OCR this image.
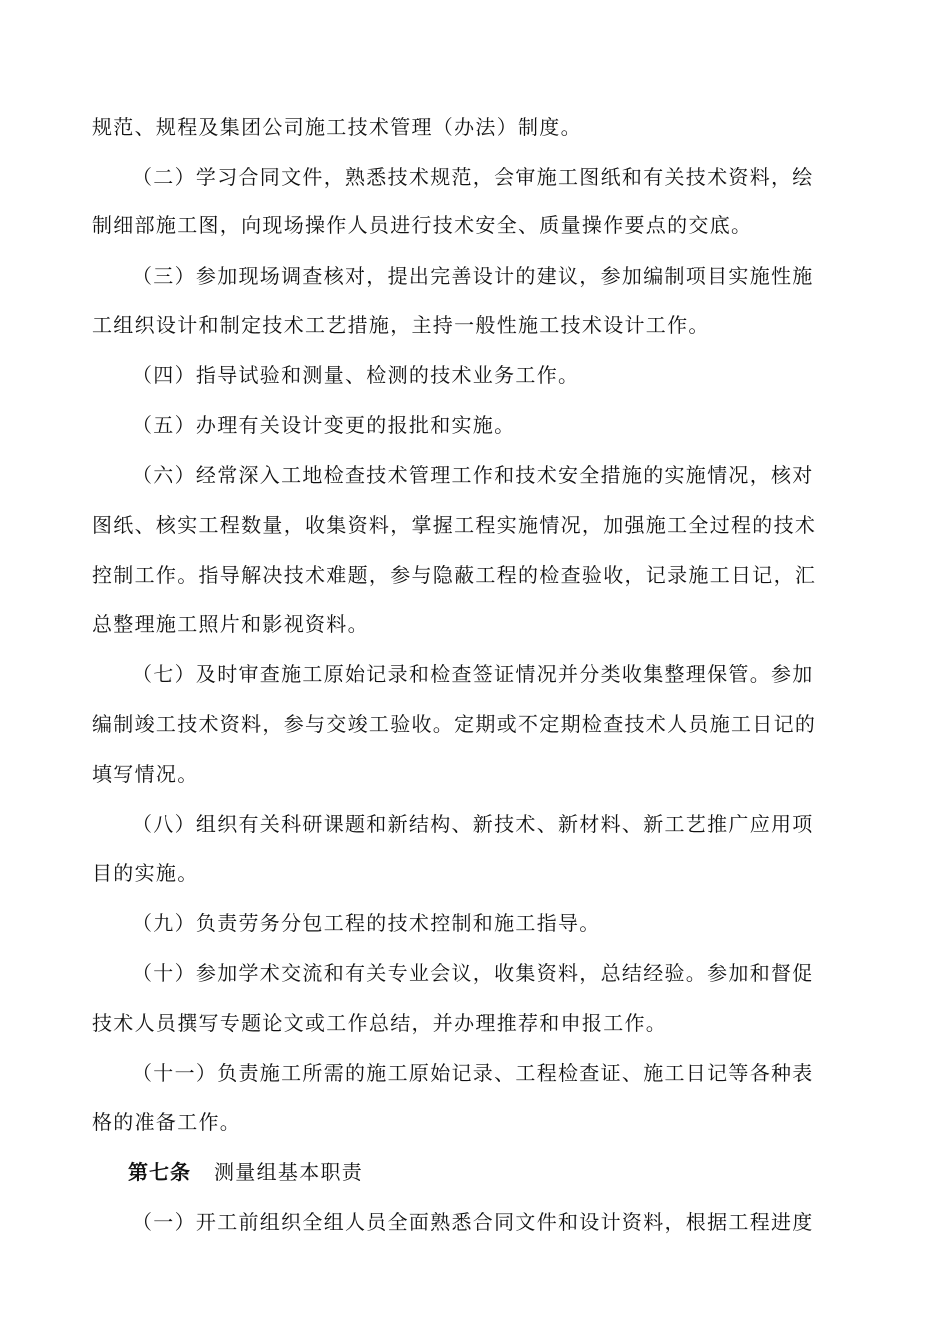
规范、规程及集团公司施工技术管理（办法）制度。
（二）学习合同文件，熟悉技术规范，会审施工图纸和有关技术资料，绘
制细部施工图，向现场操作人员进行技术安全、质量操作要点的交底。
（三）参加现场调查核对，提出完善设计的建议，参加编制项目实施性施
工组织设计和制定技术工艺措施，主持一般性施工技术设计工作。
（四）指导试验和测量、检测的技术业务工作。
（五）办理有关设计变更的报批和实施。
（六）经常深入工地检查技术管理工作和技术安全措施的实施情况，核对
图纸、核实工程数量，收集资料，掌握工程实施情况，加强施工全过程的技术
控制工作。指导解决技术难题，参与隐蔽工程的检查验收，记录施工日记，汇
总整理施工照片和影视资料。
（七）及时审查施工原始记录和检查签证情况并分类收集整理保管。参加
编制竣工技术资料，参与交竣工验收。定期或不定期检查技术人员施工日记的
填写情况。
（八）组织有关科研课题和新结构、新技术、新材料、新工艺推广应用项
目的实施。
（九）负责劳务分包工程的技术控制和施工指导。
（十）参加学术交流和有关专业会议，收集资料，总结经验。参加和督促
技术人员撰写专题论文或工作总结，并办理推荐和申报工作。
（十一）负责施工所需的施工原始记录、工程检查证、施工日记等各种表
格的准备工作。
第七条 测量组基本职责
（一）开工前组织全组人员全面熟悉合同文件和设计资料，根据工程进度
